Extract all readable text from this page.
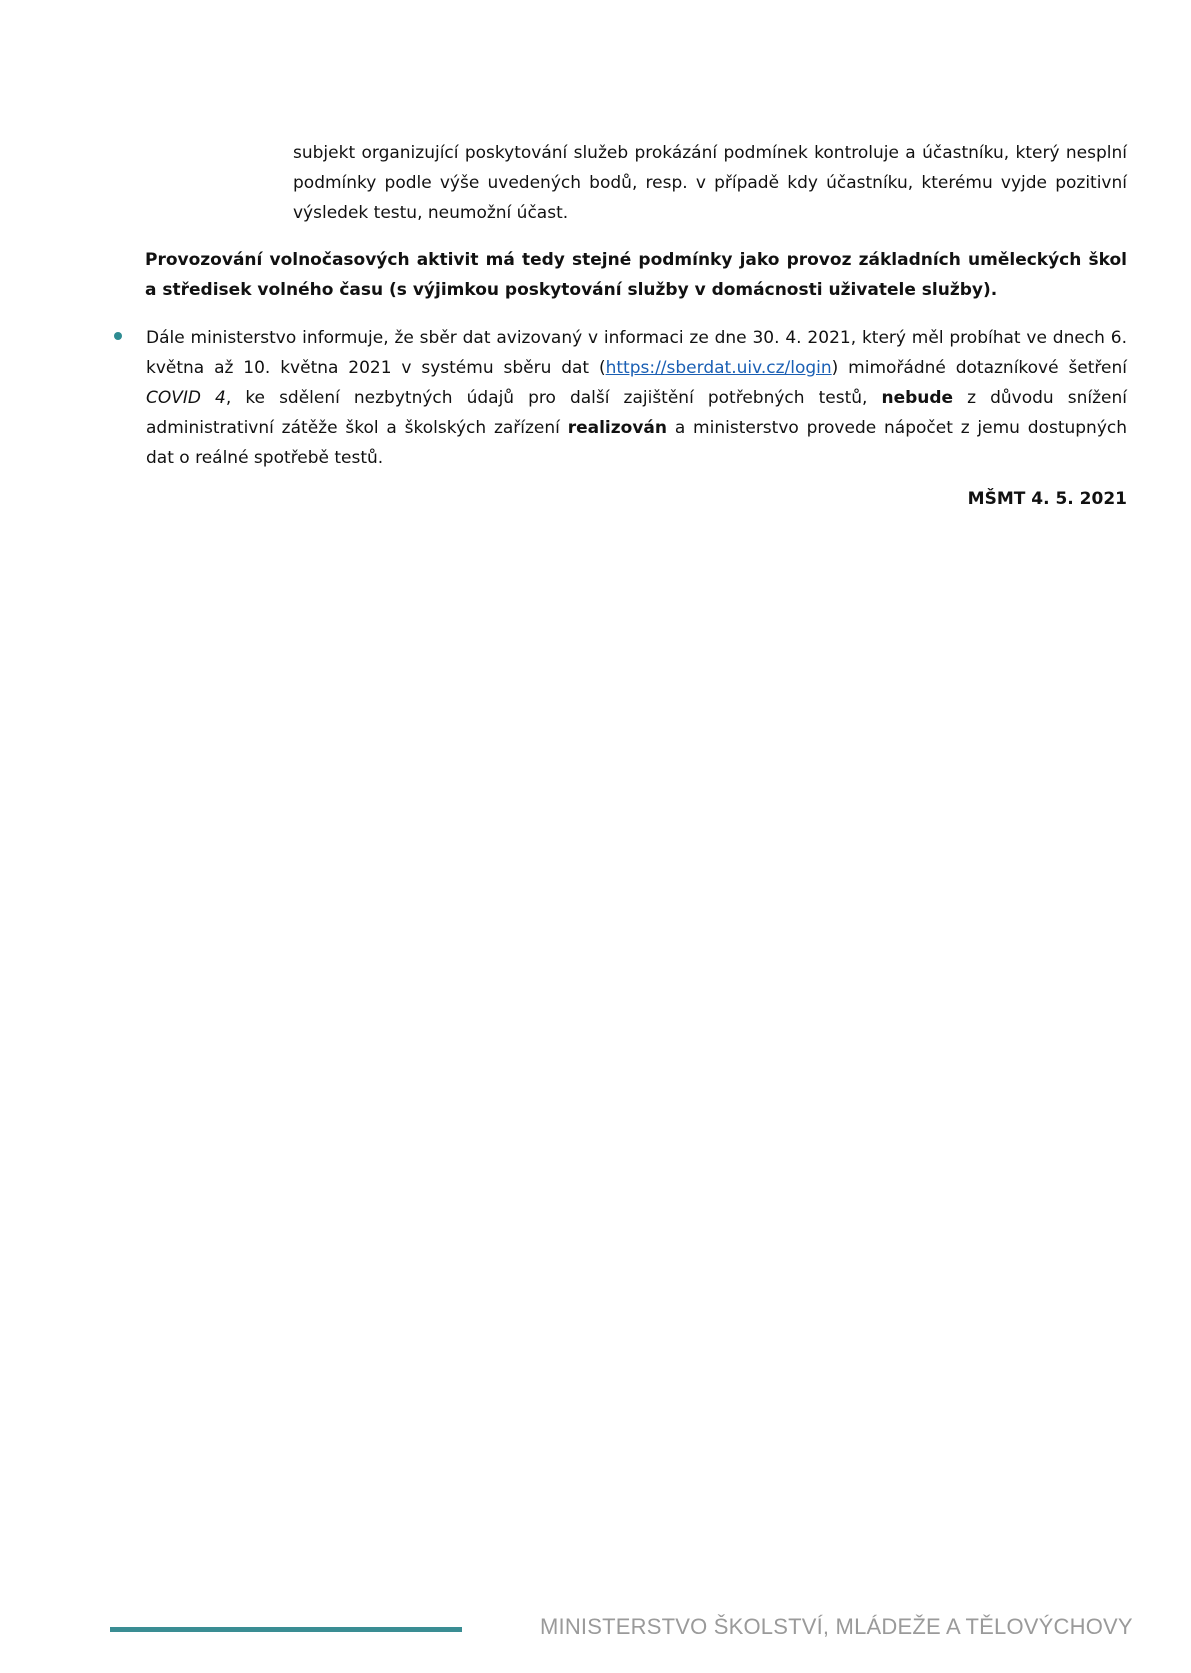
subjekt organizující poskytování služeb prokázání podmínek kontroluje a účastníku, který nesplní podmínky podle výše uvedených bodů, resp. v případě kdy účastníku, kterému vyjde pozitivní výsledek testu, neumožní účast.

Provozování volnočasových aktivit má tedy stejné podmínky jako provoz základních uměleckých škol a středisek volného času (s výjimkou poskytování služby v domácnosti uživatele služby).

Dále ministerstvo informuje, že sběr dat avizovaný v informaci ze dne 30. 4. 2021, který měl probíhat ve dnech 6. května až 10. května 2021 v systému sběru dat (https://sberdat.uiv.cz/login) mimořádné dotazníkové šetření COVID 4, ke sdělení nezbytných údajů pro další zajištění potřebných testů, nebude z důvodu snížení administrativní zátěže škol a školských zařízení realizován a ministerstvo provede nápočet z jemu dostupných dat o reálné spotřebě testů.

MŠMT 4. 5. 2021

MINISTERSTVO ŠKOLSTVÍ, MLÁDEŽE A TĚLOVÝCHOVY
